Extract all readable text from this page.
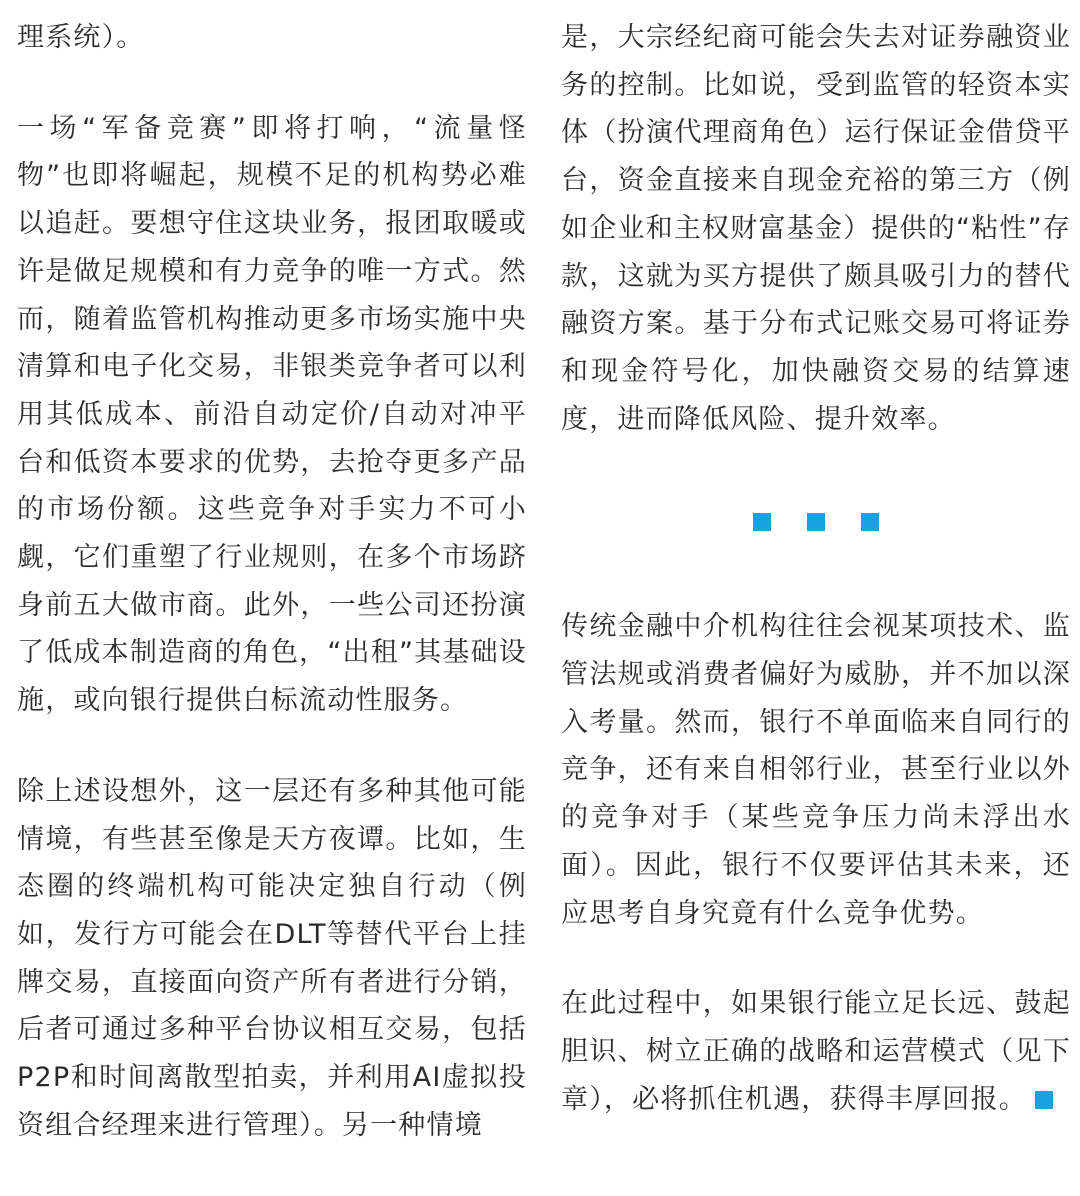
理系统）。

一场“军备竞赛”即将打响，“流量怪物”也即将崛起，规模不足的机构势必难以追赶。要想守住这块业务，报团取暖或许是做足规模和有力竞争的唯一方式。然而，随着监管机构推动更多市场实施中央清算和电子化交易，非银类竞争者可以利用其低成本、前沿自动定价/自动对冲平台和低资本要求的优势，去抢夺更多产品的市场份额。这些竞争对手实力不可小觑，它们重塑了行业规则，在多个市场跻身前五大做市商。此外，一些公司还扮演了低成本制造商的角色，“出租”其基础设施，或向银行提供白标流动性服务。

除上述设想外，这一层还有多种其他可能情境，有些甚至像是天方夜谭。比如，生态圈的终端机构可能决定独自行动（例如，发行方可能会在DLT等替代平台上挂牌交易，直接面向资产所有者进行分销，后者可通过多种平台协议相互交易，包括P2P和时间离散型拍卖，并利用AI虚拟投资组合经理来进行管理）。另一种情境

是，大宗经纪商可能会失去对证券融资业务的控制。比如说，受到监管的轻资本实体（扮演代理商角色）运行保证金借贷平台，资金直接来自现金充裕的第三方（例如企业和主权财富基金）提供的“粘性”存款，这就为买方提供了颇具吸引力的替代融资方案。基于分布式记账交易可将证券和现金符号化，加快融资交易的结算速度，进而降低风险、提升效率。

传统金融中介机构往往会视某项技术、监管法规或消费者偏好为威胁，并不加以深入考量。然而，银行不单面临来自同行的竞争，还有来自相邻行业，甚至行业以外的竞争对手（某些竞争压力尚未浮出水面）。因此，银行不仅要评估其未来，还应思考自身究竟有什么竞争优势。

在此过程中，如果银行能立足长远、鼓起胆识、树立正确的战略和运营模式（见下章），必将抓住机遇，获得丰厚回报。
